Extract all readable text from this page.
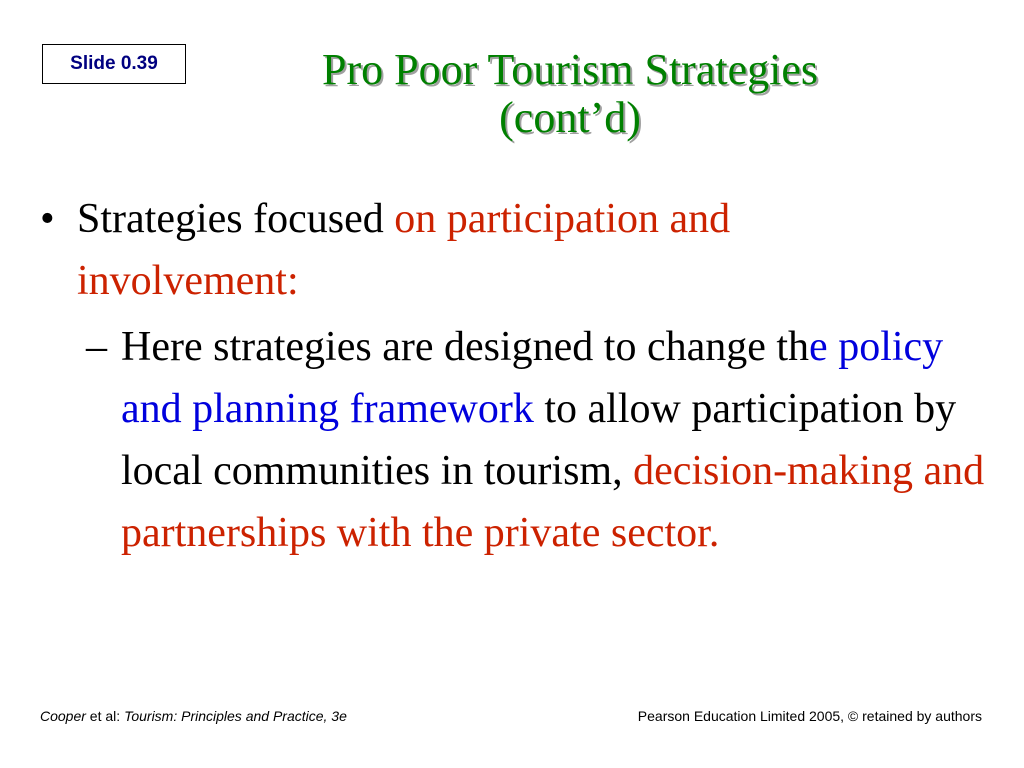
Slide 0.39	Pro Poor Tourism Strategies
(cont’d)
• Strategies focused on participation and involvement:
– Here strategies are designed to change the policy and planning framework to allow participation by local communities in tourism, decision-making and partnerships with the private sector.
Cooper et al: Tourism: Principles and Practice, 3e	Pearson Education Limited 2005, © retained by authors
